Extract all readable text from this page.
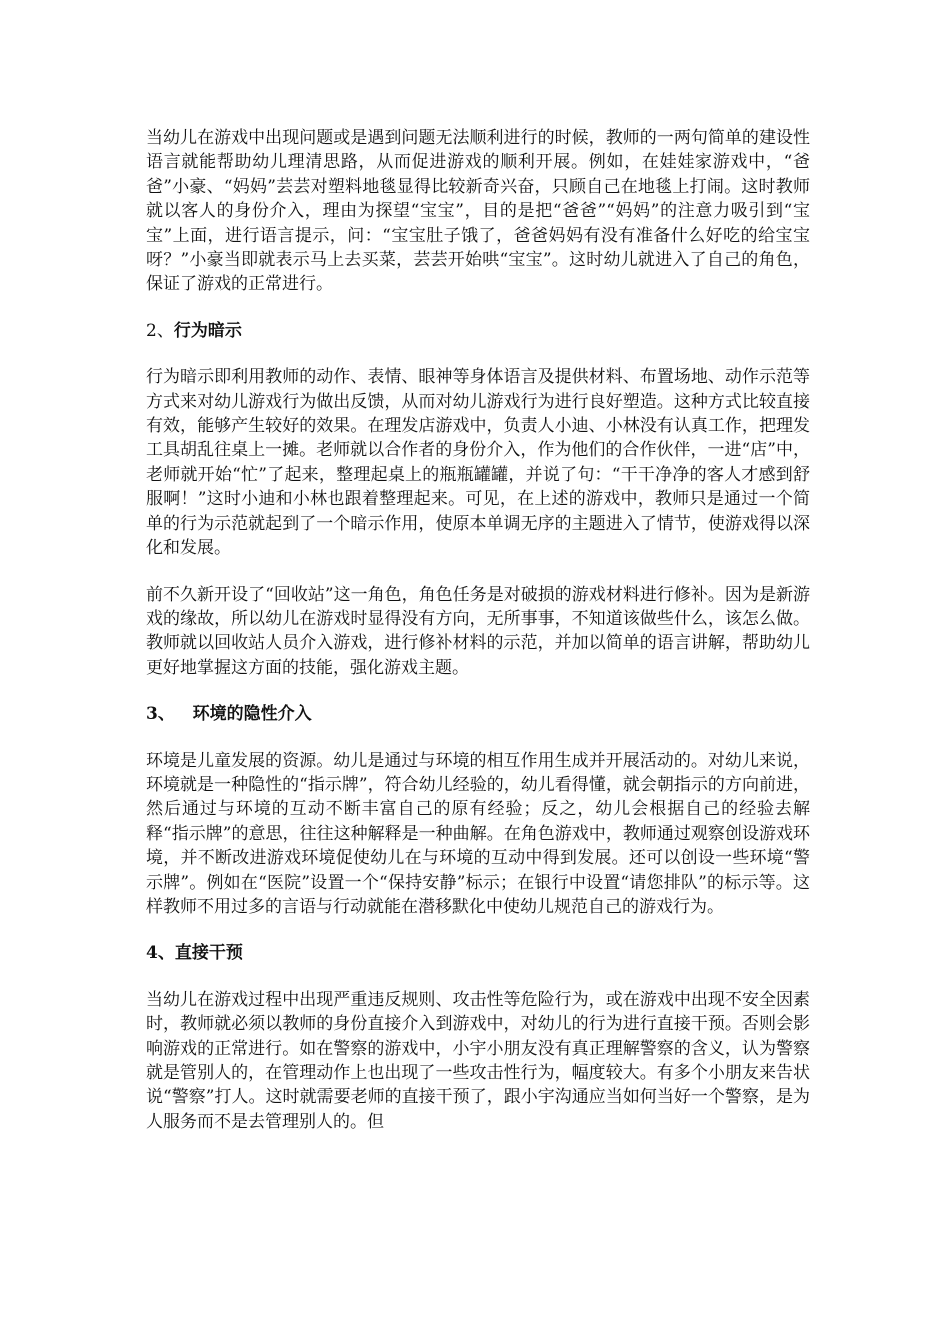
当幼儿在游戏中出现问题或是遇到问题无法顺利进行的时候，教师的一两句简单的建设性语言就能帮助幼儿理清思路，从而促进游戏的顺利开展。例如，在娃娃家游戏中，“爸爸”小豪、“妈妈”芸芸对塑料地毯显得比较新奇兴奋，只顾自己在地毯上打闹。这时教师就以客人的身份介入，理由为探望“宝宝”，目的是把“爸爸”“妈妈”的注意力吸引到“宝宝”上面，进行语言提示，问：“宝宝肚子饿了，爸爸妈妈有没有准备什么好吃的给宝宝呀？”小豪当即就表示马上去买菜，芸芸开始哄“宝宝”。这时幼儿就进入了自己的角色，保证了游戏的正常进行。

2、行为暗示

行为暗示即利用教师的动作、表情、眼神等身体语言及提供材料、布置场地、动作示范等方式来对幼儿游戏行为做出反馈，从而对幼儿游戏行为进行良好塑造。这种方式比较直接有效，能够产生较好的效果。在理发店游戏中，负责人小迪、小林没有认真工作，把理发工具胡乱往桌上一摊。老师就以合作者的身份介入，作为他们的合作伙伴，一进“店”中，老师就开始“忙”了起来，整理起桌上的瓶瓶罐罐，并说了句：“干干净净的客人才感到舒服啊！”这时小迪和小林也跟着整理起来。可见，在上述的游戏中，教师只是通过一个简单的行为示范就起到了一个暗示作用，使原本单调无序的主题进入了情节，使游戏得以深化和发展。

前不久新开设了“回收站”这一角色，角色任务是对破损的游戏材料进行修补。因为是新游戏的缘故，所以幼儿在游戏时显得没有方向，无所事事，不知道该做些什么，该怎么做。教师就以回收站人员介入游戏，进行修补材料的示范，并加以简单的语言讲解，帮助幼儿更好地掌握这方面的技能，强化游戏主题。

3、 环境的隐性介入

环境是儿童发展的资源。幼儿是通过与环境的相互作用生成并开展活动的。对幼儿来说，环境就是一种隐性的“指示牌”，符合幼儿经验的，幼儿看得懂，就会朝指示的方向前进，然后通过与环境的互动不断丰富自己的原有经验；反之，幼儿会根据自己的经验去解释“指示牌”的意思，往往这种解释是一种曲解。在角色游戏中，教师通过观察创设游戏环境，并不断改进游戏环境促使幼儿在与环境的互动中得到发展。还可以创设一些环境“警示牌”。例如在“医院”设置一个“保持安静”标示；在银行中设置“请您排队”的标示等。这样教师不用过多的言语与行动就能在潜移默化中使幼儿规范自己的游戏行为。

4、直接干预

当幼儿在游戏过程中出现严重违反规则、攻击性等危险行为，或在游戏中出现不安全因素时，教师就必须以教师的身份直接介入到游戏中，对幼儿的行为进行直接干预。否则会影响游戏的正常进行。如在警察的游戏中，小宇小朋友没有真正理解警察的含义，认为警察就是管别人的，在管理动作上也出现了一些攻击性行为，幅度较大。有多个小朋友来告状说“警察”打人。这时就需要老师的直接干预了，跟小宇沟通应当如何当好一个警察，是为人服务而不是去管理别人的。但
